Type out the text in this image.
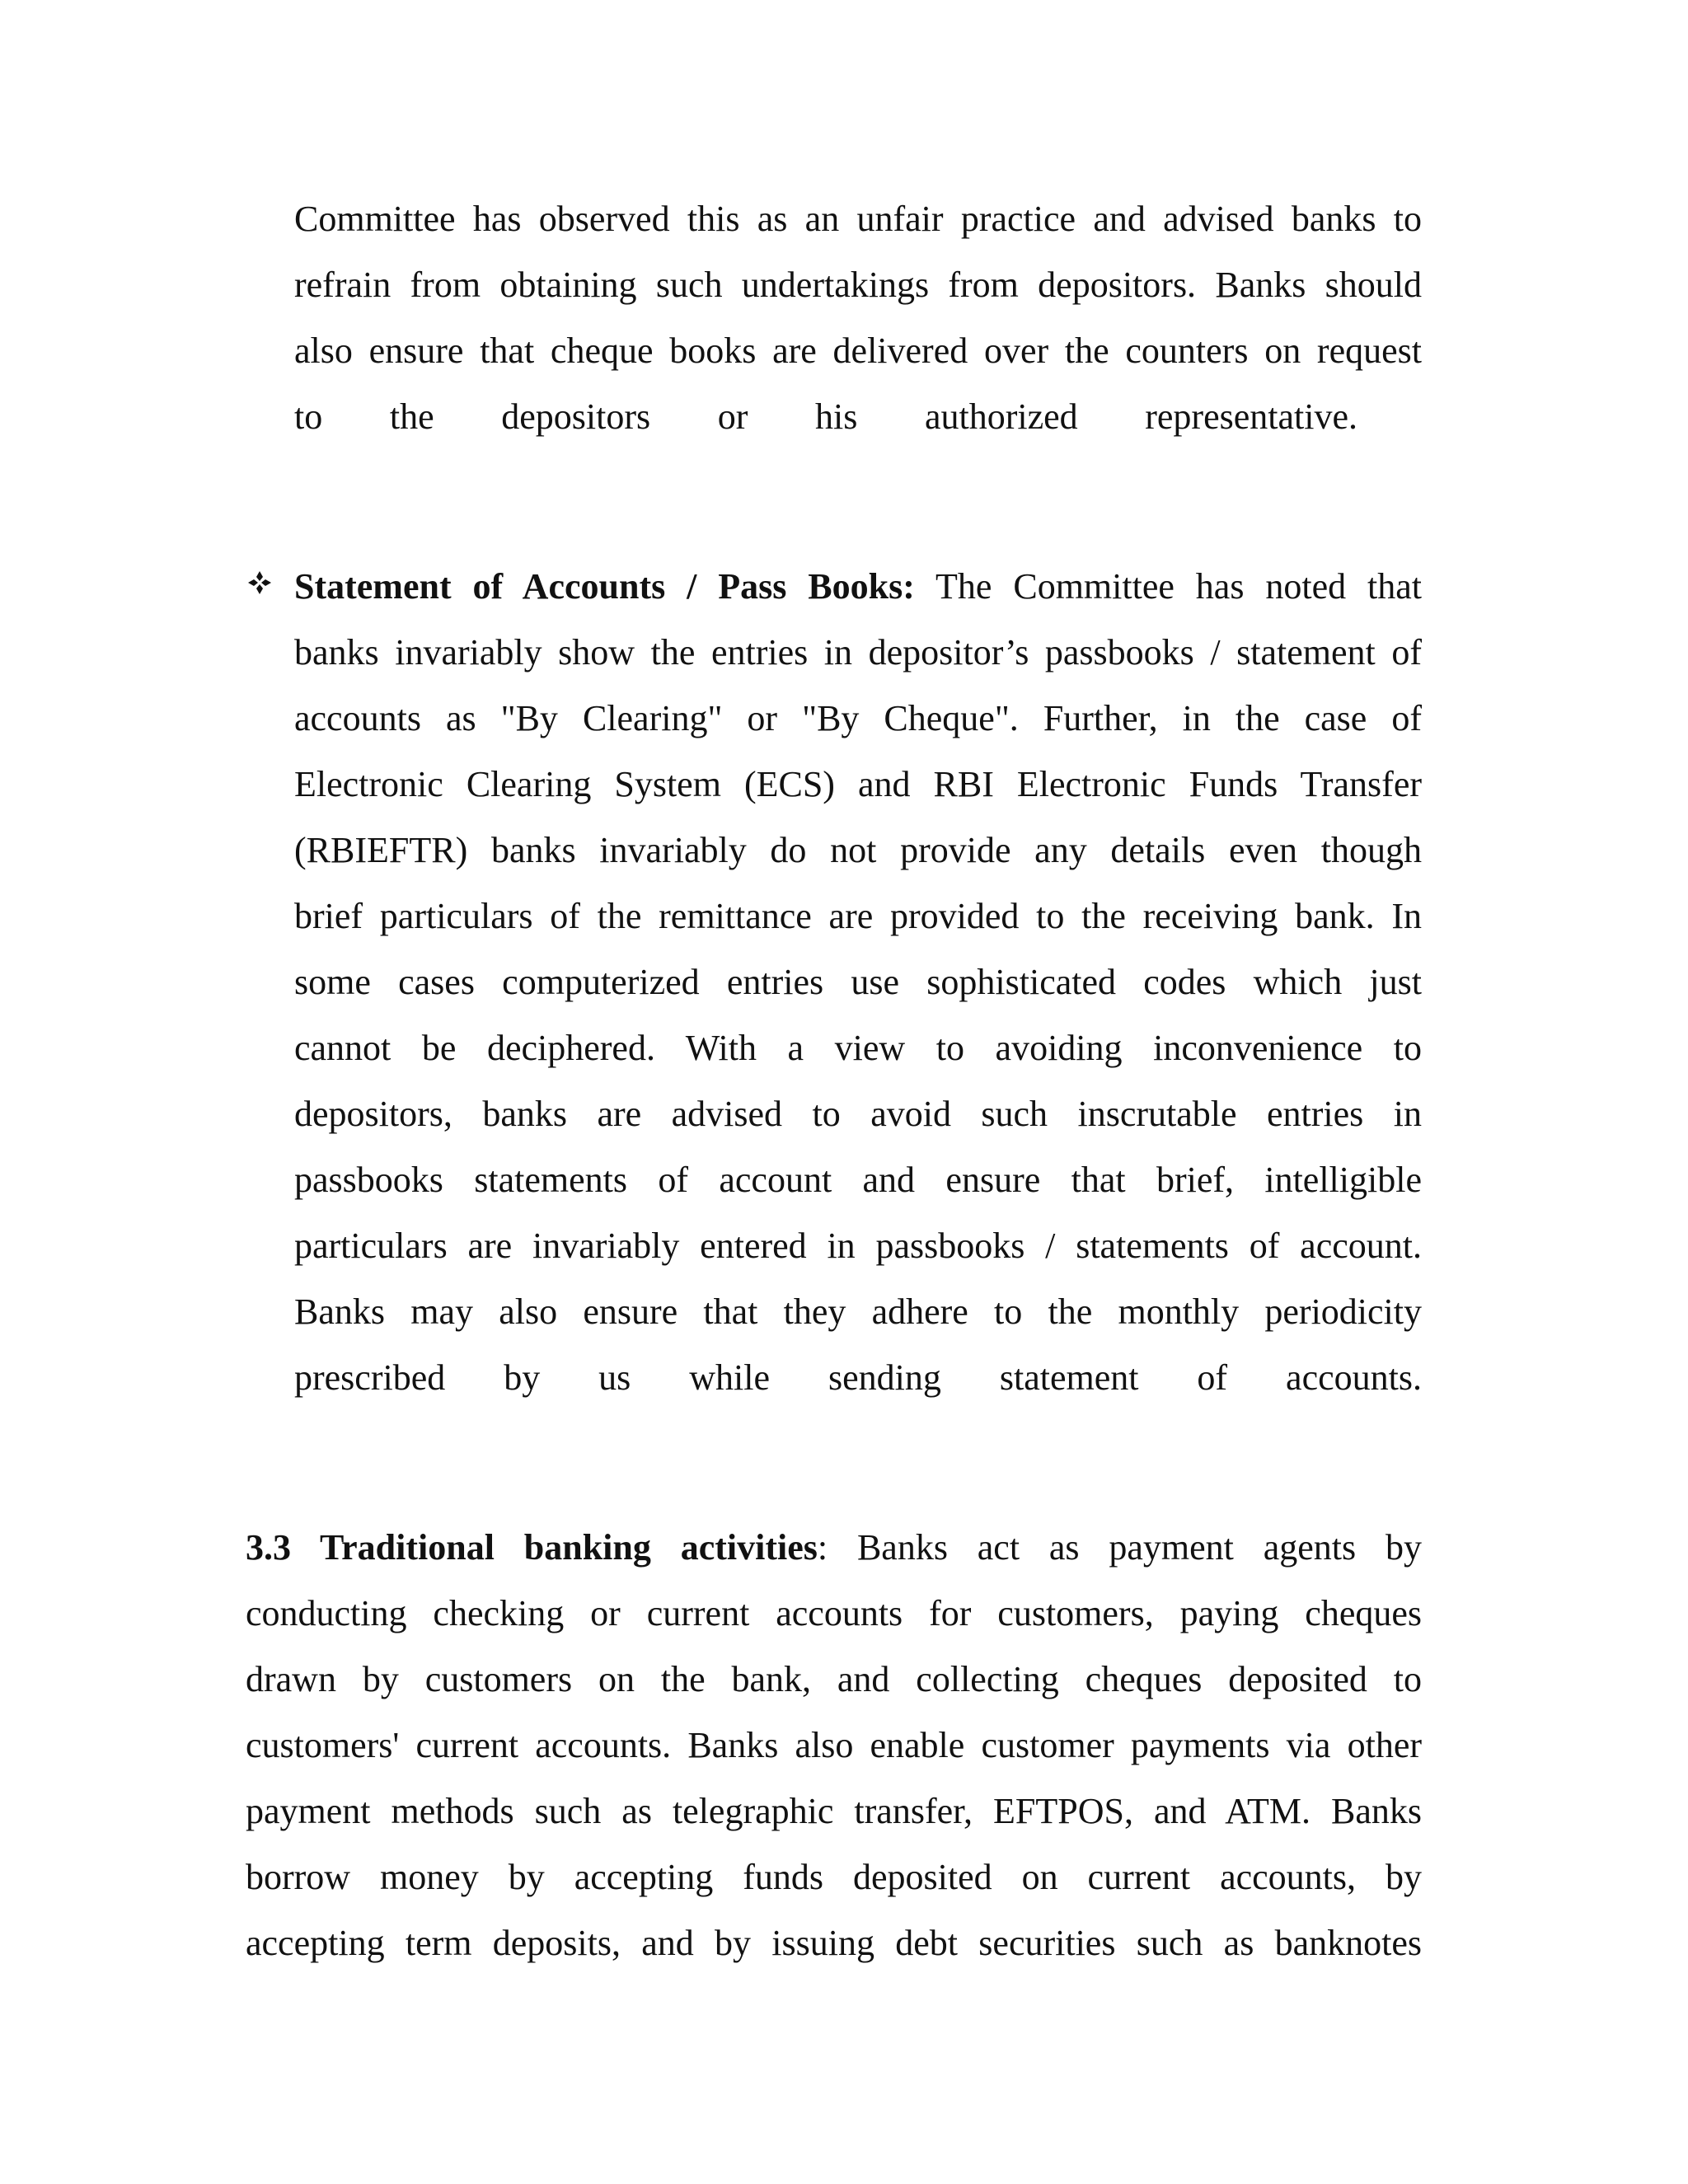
Committee has observed this as an unfair practice and advised banks to
refrain from obtaining such undertakings from depositors. Banks should
also ensure that cheque books are delivered over the counters on request
to the depositors or his authorized representative.
Statement of Accounts / Pass Books: The Committee has noted that
banks invariably show the entries in depositor’s passbooks / statement of
accounts as "By Clearing" or "By Cheque". Further, in the case of
Electronic Clearing System (ECS) and RBI Electronic Funds Transfer
(RBIEFTR) banks invariably do not provide any details even though
brief particulars of the remittance are provided to the receiving bank. In
some cases computerized entries use sophisticated codes which just
cannot be deciphered. With a view to avoiding inconvenience to
depositors, banks are advised to avoid such inscrutable entries in
passbooks statements of account and ensure that brief, intelligible
particulars are invariably entered in passbooks / statements of account.
Banks may also ensure that they adhere to the monthly periodicity
prescribed by us while sending statement of accounts.
3.3 Traditional banking activities: Banks act as payment agents by
conducting checking or current accounts for customers, paying cheques
drawn by customers on the bank, and collecting cheques deposited to
customers' current accounts. Banks also enable customer payments via other
payment methods such as telegraphic transfer, EFTPOS, and ATM. Banks
borrow money by accepting funds deposited on current accounts, by
accepting term deposits, and by issuing debt securities such as banknotes
